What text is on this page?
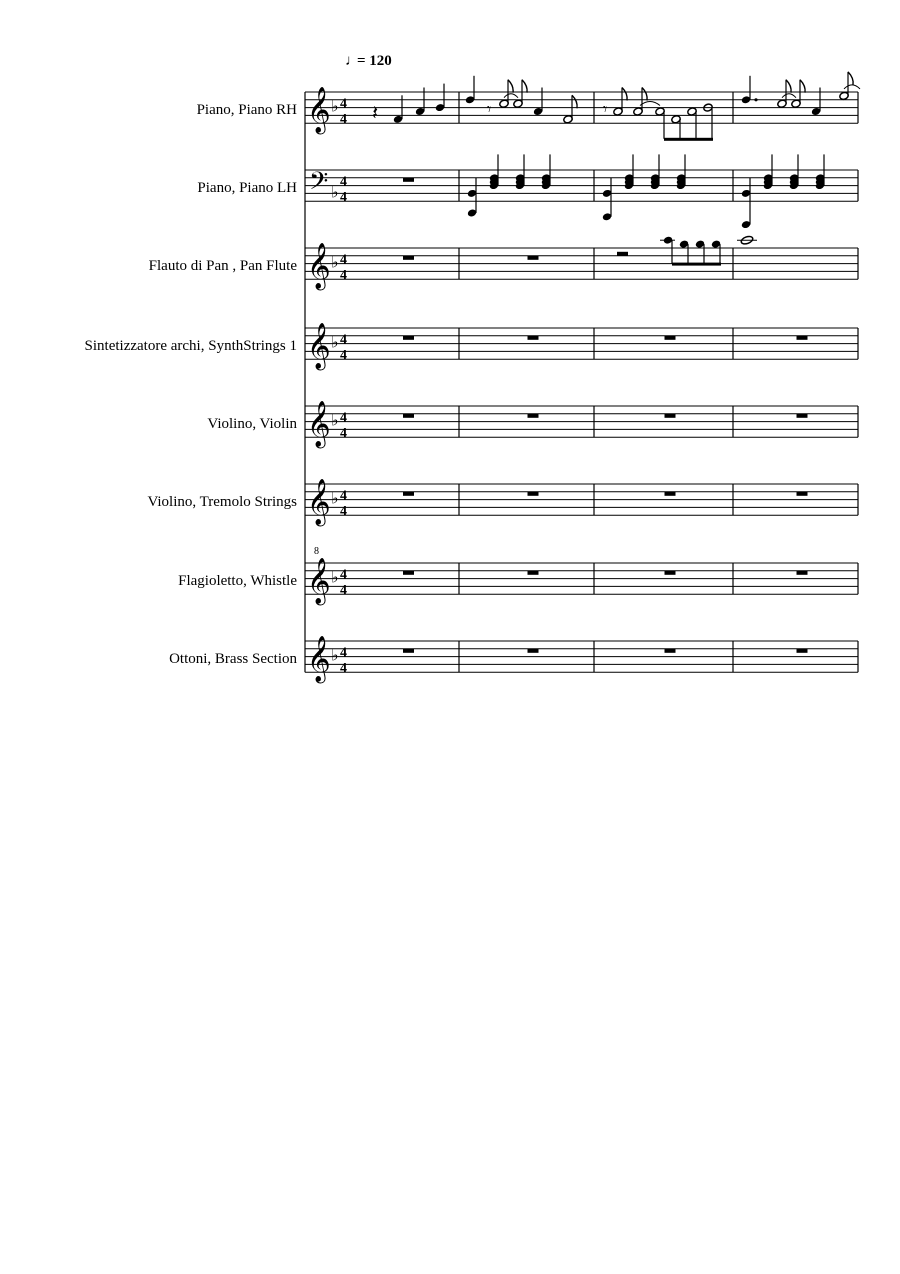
♩
= 120
Piano, Piano RH 𝄞 ♭ 4
4 𝄽	𝄾	𝄾
Piano, Piano LH 𝄢 ♭
4
4
Flauto di Pan , Pan Flute 𝄞 ♭ 4
4
Sintetizzatore archi, SynthStrings 1 𝄞 ♭ 4
4
Violino, Violin 𝄞 ♭ 4
4
Violino, Tremolo Strings 𝄞 ♭ 4
4
Flagioletto, Whistle 𝄞 ♭ 4
4
8
Ottoni, Brass Section 𝄞 ♭ 4
4
